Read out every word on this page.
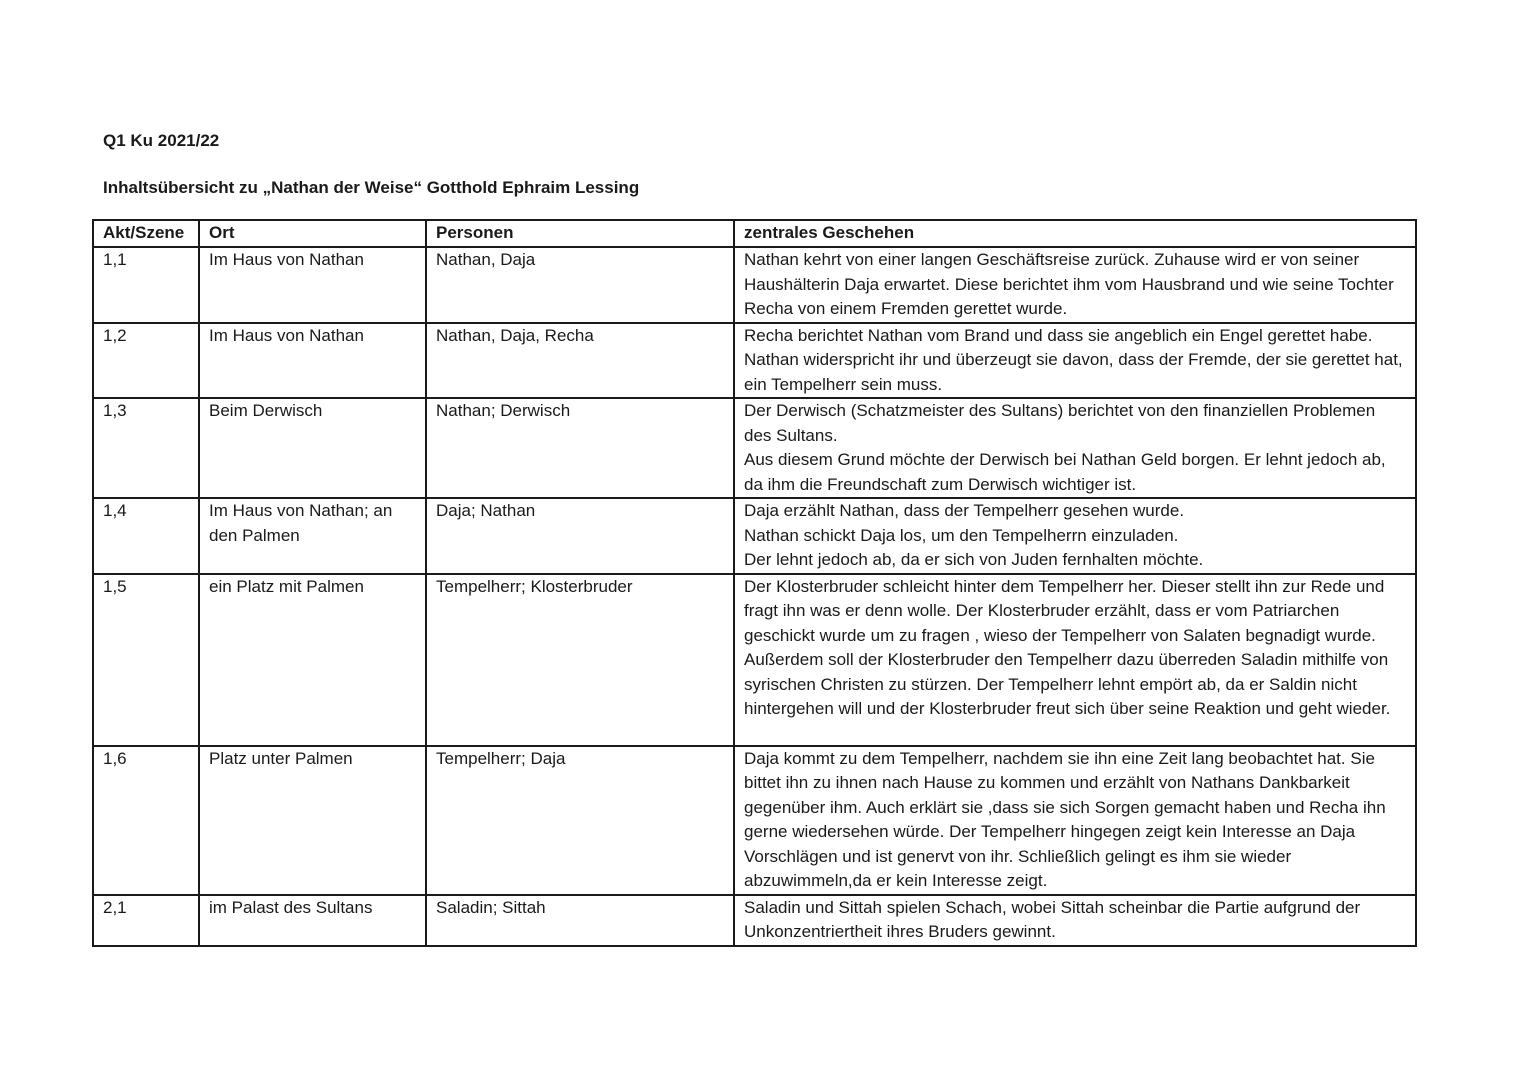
Q1 Ku 2021/22

Inhaltsübersicht zu „Nathan der Weise“ Gotthold Ephraim Lessing

Akt/Szene	Ort	Personen	zentrales Geschehen
1,1	Im Haus von Nathan	Nathan, Daja	Nathan kehrt von einer langen Geschäftsreise zurück. Zuhause wird er von seiner Haushälterin Daja erwartet. Diese berichtet ihm vom Hausbrand und wie seine Tochter Recha von einem Fremden gerettet wurde.

1,2	Im Haus von Nathan	Nathan, Daja, Recha	Recha berichtet Nathan vom Brand und dass sie angeblich ein Engel gerettet habe. Nathan widerspricht ihr und überzeugt sie davon, dass der Fremde, der sie gerettet hat, ein Tempelherr sein muss.

1,3	Beim Derwisch	Nathan; Derwisch	Der Derwisch (Schatzmeister des Sultans) berichtet von den finanziellen Problemen des Sultans.
Aus diesem Grund möchte der Derwisch bei Nathan Geld borgen. Er lehnt jedoch ab, da ihm die Freundschaft zum Derwisch wichtiger ist.

1,4	Im Haus von Nathan; an den Palmen	Daja; Nathan	Daja erzählt Nathan, dass der Tempelherr gesehen wurde.
Nathan schickt Daja los, um den Tempelherrn einzuladen.
Der lehnt jedoch ab, da er sich von Juden fernhalten möchte.

1,5	ein Platz mit Palmen	Tempelherr; Klosterbruder	Der Klosterbruder schleicht hinter dem Tempelherr her. Dieser stellt ihn zur Rede und fragt ihn was er denn wolle. Der Klosterbruder erzählt, dass er vom Patriarchen geschickt wurde um zu fragen , wieso der Tempelherr von Salaten begnadigt wurde. Außerdem soll der Klosterbruder den Tempelherr dazu überreden Saladin mithilfe von syrischen Christen zu stürzen. Der Tempelherr lehnt empört ab, da er Saldin nicht hintergehen will und der Klosterbruder freut sich über seine Reaktion und geht wieder.

1,6	Platz unter Palmen	Tempelherr; Daja	Daja kommt zu dem Tempelherr, nachdem sie ihn eine Zeit lang beobachtet hat. Sie bittet ihn zu ihnen nach Hause zu kommen und erzählt von Nathans Dankbarkeit gegenüber ihm. Auch erklärt sie ,dass sie sich Sorgen gemacht haben und Recha ihn gerne wiedersehen würde. Der Tempelherr hingegen zeigt kein Interesse an Daja Vorschlägen und ist genervt von ihr. Schließlich gelingt es ihm sie wieder abzuwimmeln,da er kein Interesse zeigt.

2,1	im Palast des Sultans	Saladin; Sittah	Saladin und Sittah spielen Schach, wobei Sittah scheinbar die Partie aufgrund der Unkonzentriertheit ihres Bruders gewinnt.
